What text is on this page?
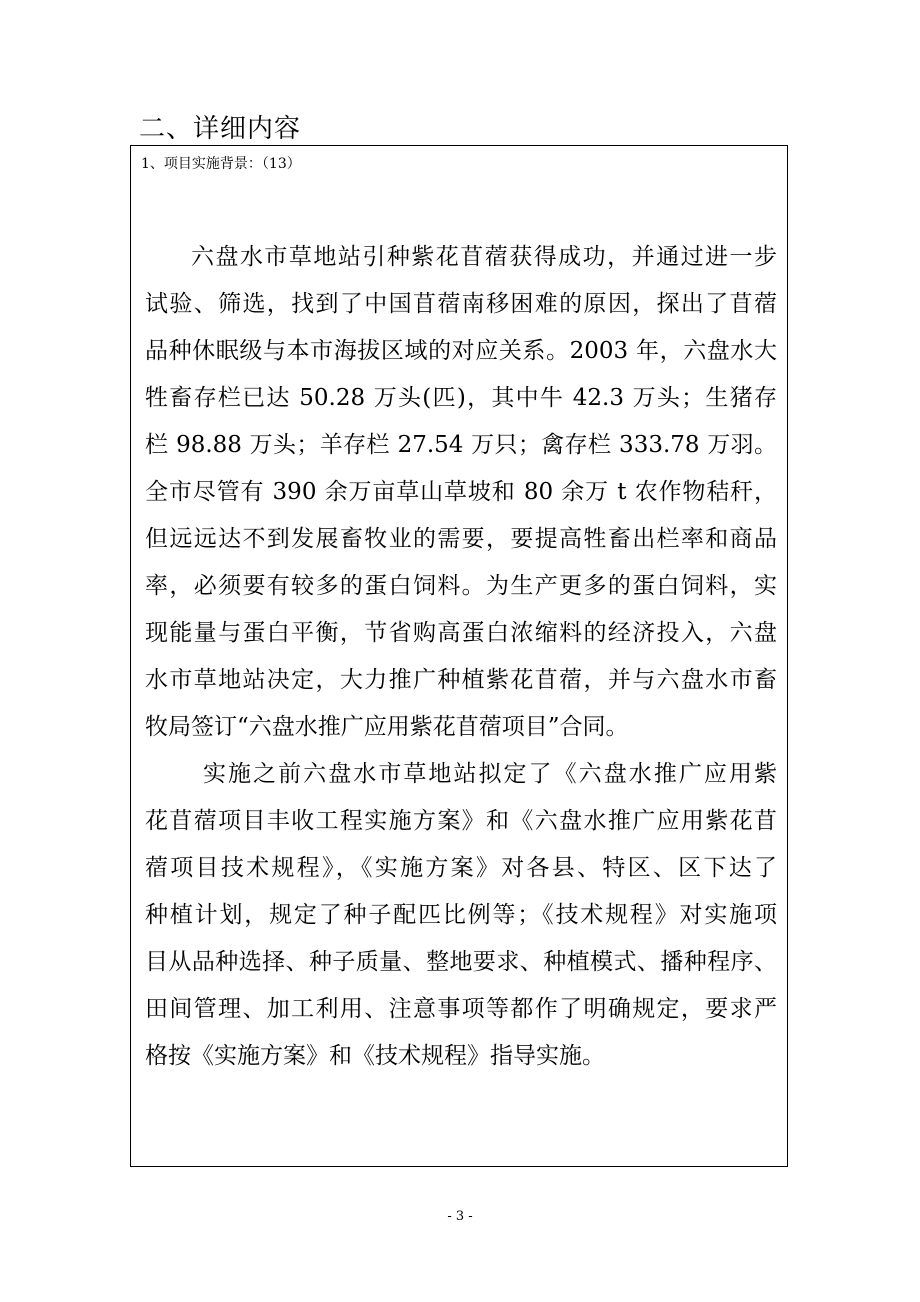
二、详细内容
1、项目实施背景：（13）
六盘水市草地站引种紫花苜蓿获得成功，并通过进一步
试验、筛选，找到了中国苜蓿南移困难的原因，探出了苜蓿
品种休眠级与本市海拔区域的对应关系。2003 年，六盘水大
牲畜存栏已达 50.28 万头(匹)，其中牛 42.3 万头；生猪存
栏 98.88 万头；羊存栏 27.54 万只；禽存栏 333.78 万羽。
全市尽管有 390 余万亩草山草坡和 80 余万 t 农作物秸秆，
但远远达不到发展畜牧业的需要，要提高牲畜出栏率和商品
率，必须要有较多的蛋白饲料。为生产更多的蛋白饲料，实
现能量与蛋白平衡，节省购高蛋白浓缩料的经济投入，六盘
水市草地站决定，大力推广种植紫花苜蓿，并与六盘水市畜
牧局签订“六盘水推广应用紫花苜蓿项目”合同。
实施之前六盘水市草地站拟定了《六盘水推广应用紫
花苜蓿项目丰收工程实施方案》和《六盘水推广应用紫花苜
蓿项目技术规程》，《实施方案》对各县、特区、区下达了
种植计划，规定了种子配匹比例等；《技术规程》对实施项
目从品种选择、种子质量、整地要求、种植模式、播种程序、
田间管理、加工利用、注意事项等都作了明确规定，要求严
格按《实施方案》和《技术规程》指导实施。
- 3 -
